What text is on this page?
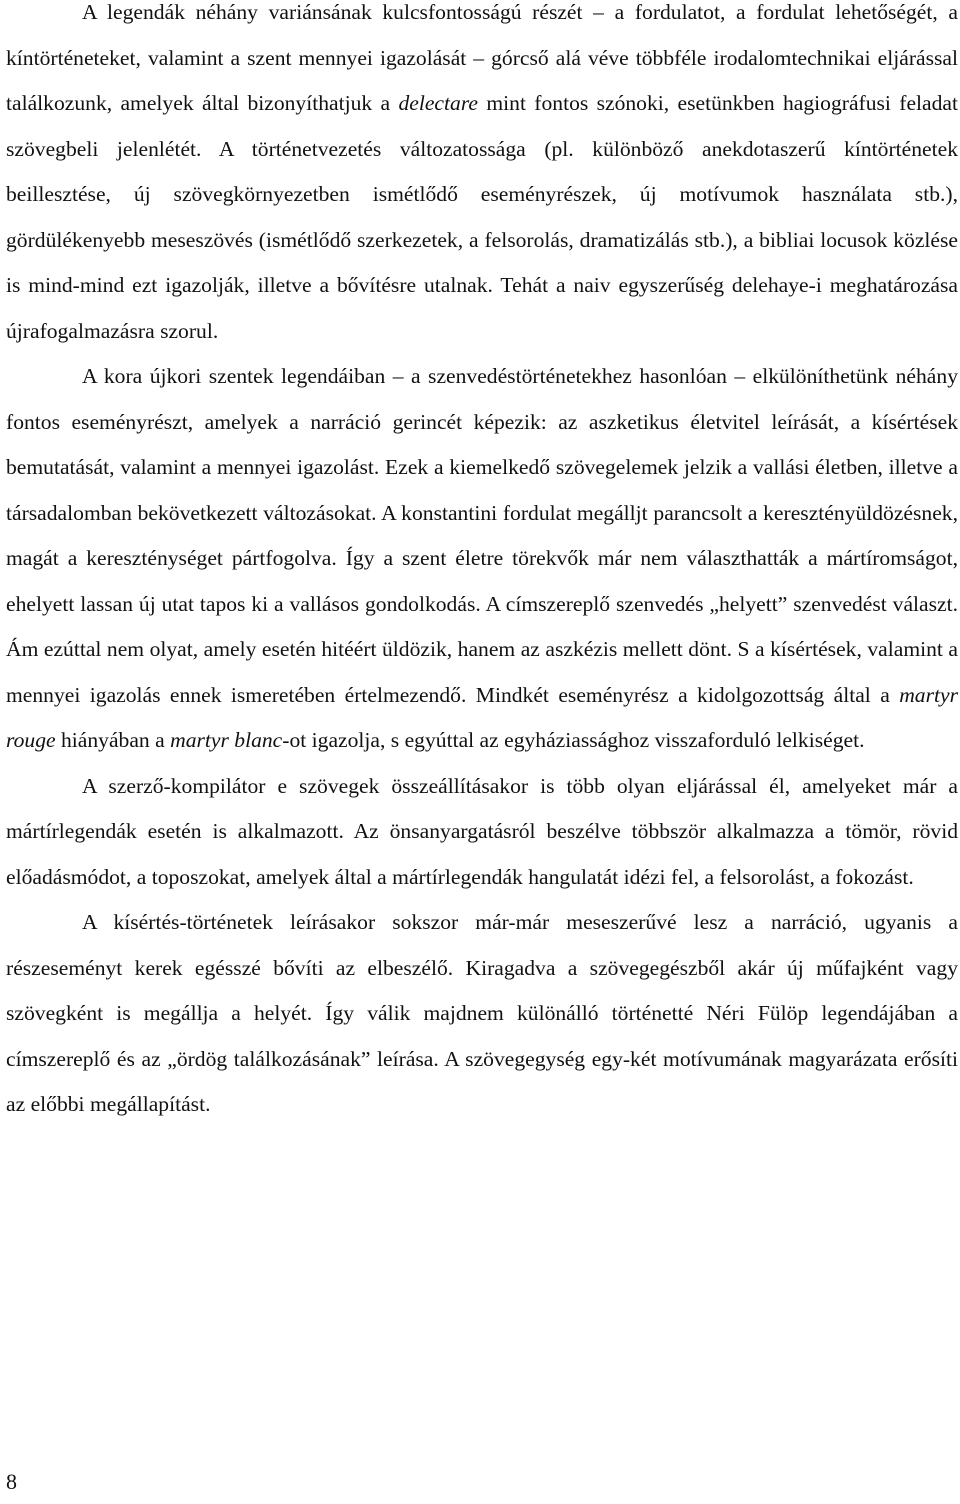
A legendák néhány variánsának kulcsfontosságú részét – a fordulatot, a fordulat lehetőségét, a kíntörténeteket, valamint a szent mennyei igazolását – górcső alá véve többféle irodalomtechnikai eljárással találkozunk, amelyek által bizonyíthatjuk a delectare mint fontos szónoki, esetünkben hagiográfusi feladat szövegbeli jelenlétét. A történetvezetés változatossága (pl. különböző anekdotaszerű kíntörténetek beillesztése, új szövegkörnyezetben ismétlődő eseményrészek, új motívumok használata stb.), gördülékenyebb meseszövés (ismétlődő szerkezetek, a felsorolás, dramatizálás stb.), a bibliai locusok közlése is mind-mind ezt igazolják, illetve a bővítésre utalnak. Tehát a naiv egyszerűség delehaye-i meghatározása újrafogalmazásra szorul.

A kora újkori szentek legendáiban – a szenvedéstörténetekhez hasonlóan – elkülöníthetünk néhány fontos eseményrészt, amelyek a narráció gerincét képezik: az aszketikus életvitel leírását, a kísértések bemutatását, valamint a mennyei igazolást. Ezek a kiemelkedő szövegelemek jelzik a vallási életben, illetve a társadalomban bekövetkezett változásokat. A konstantini fordulat megálljt parancsolt a keresztényüldözésnek, magát a kereszténységet pártfogolva. Így a szent életre törekvők már nem választhatták a mártíromságot, ehelyett lassan új utat tapos ki a vallásos gondolkodás. A címszereplő szenvedés „helyett” szenvedést választ. Ám ezúttal nem olyat, amely esetén hitéért üldözik, hanem az aszkézis mellett dönt. S a kísértések, valamint a mennyei igazolás ennek ismeretében értelmezendő. Mindkét eseményrész a kidolgozottság által a martyr rouge hiányában a martyr blanc-ot igazolja, s egyúttal az egyháziassághoz visszaforduló lelkiséget.

A szerző-kompilátor e szövegek összeállításakor is több olyan eljárással él, amelyeket már a mártírlegendák esetén is alkalmazott. Az önsanyargatásról beszélve többször alkalmazza a tömör, rövid előadásmódot, a toposzokat, amelyek által a mártírlegendák hangulatát idézi fel, a felsorolást, a fokozást.

A kísértés-történetek leírásakor sokszor már-már meseszerűvé lesz a narráció, ugyanis a részeseményt kerek egésszé bővíti az elbeszélő. Kiragadva a szövegegészből akár új műfajként vagy szövegként is megállja a helyét. Így válik majdnem különálló történetté Néri Fülöp legendájában a címszereplő és az „ördög találkozásának” leírása. A szövegegység egy-két motívumának magyarázata erősíti az előbbi megállapítást.

8
